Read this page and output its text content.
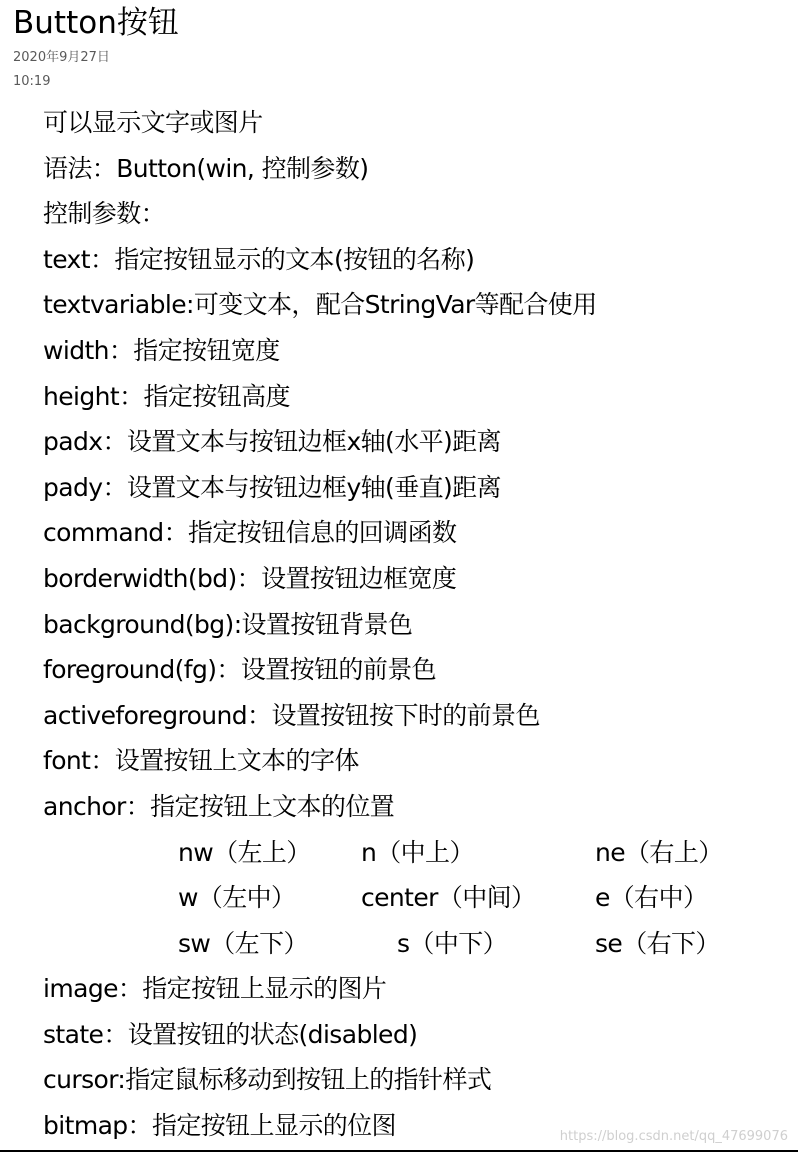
Button按钮
2020年9月27日
10:19
可以显示文字或图片
语法：Button(win, 控制参数)
控制参数：
text：指定按钮显示的文本(按钮的名称)
textvariable:可变文本，配合StringVar等配合使用
width：指定按钮宽度
height：指定按钮高度
padx：设置文本与按钮边框x轴(水平)距离
pady：设置文本与按钮边框y轴(垂直)距离
command：指定按钮信息的回调函数
borderwidth(bd)：设置按钮边框宽度
background(bg):设置按钮背景色
foreground(fg)：设置按钮的前景色
activeforeground：设置按钮按下时的前景色
font：设置按钮上文本的字体
anchor：指定按钮上文本的位置
nw（左上） n（中上）	ne（右上）
w（左中）	center（中间） e（右中）
sw（左下）	s（中下）	se（右下）
image：指定按钮上显示的图片
state：设置按钮的状态(disabled)
cursor:指定鼠标移动到按钮上的指针样式
bitmap：指定按钮上显示的位图	https://blog.csdn.net/qq_47699076
